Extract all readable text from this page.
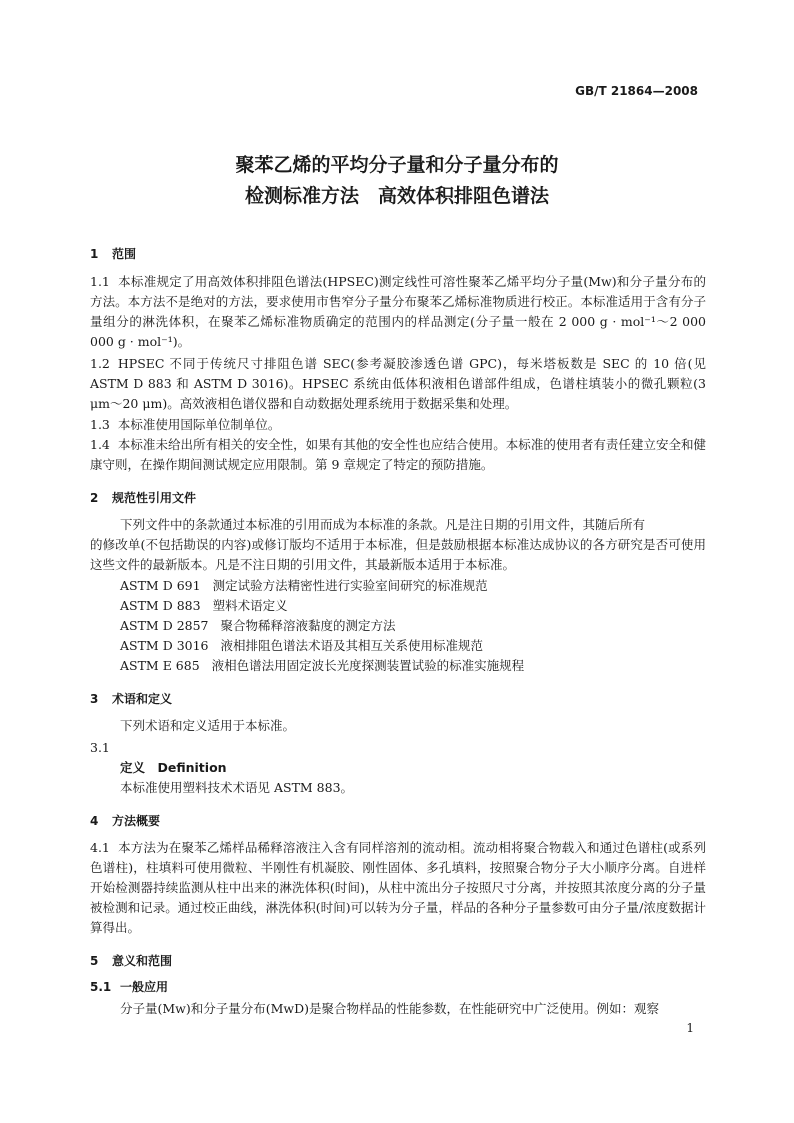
GB/T 21864—2008
聚苯乙烯的平均分子量和分子量分布的
检测标准方法　高效体积排阻色谱法
1 范围
1.1 本标准规定了用高效体积排阻色谱法(HPSEC)测定线性可溶性聚苯乙烯平均分子量(Mw)和分子量分布的方法。本方法不是绝对的方法，要求使用市售窄分子量分布聚苯乙烯标准物质进行校正。本标准适用于含有分子量组分的淋洗体积，在聚苯乙烯标准物质确定的范围内的样品测定(分子量一般在 2 000 g · mol⁻¹～2 000 000 g · mol⁻¹)。
1.2 HPSEC 不同于传统尺寸排阻色谱 SEC(参考凝胶渗透色谱 GPC)，每米塔板数是 SEC 的 10 倍(见 ASTM D 883 和 ASTM D 3016)。HPSEC 系统由低体积液相色谱部件组成，色谱柱填装小的微孔颗粒(3 μm～20 μm)。高效液相色谱仪器和自动数据处理系统用于数据采集和处理。
1.3 本标准使用国际单位制单位。
1.4 本标准未给出所有相关的安全性，如果有其他的安全性也应结合使用。本标准的使用者有责任建立安全和健康守则，在操作期间测试规定应用限制。第 9 章规定了特定的预防措施。
2 规范性引用文件
下列文件中的条款通过本标准的引用而成为本标准的条款。凡是注日期的引用文件，其随后所有
的修改单(不包括勘误的内容)或修订版均不适用于本标准，但是鼓励根据本标准达成协议的各方研究是否可使用这些文件的最新版本。凡是不注日期的引用文件，其最新版本适用于本标准。
ASTM D 691 测定试验方法精密性进行实验室间研究的标准规范
ASTM D 883 塑料术语定义
ASTM D 2857 聚合物稀释溶液黏度的测定方法
ASTM D 3016 液相排阻色谱法术语及其相互关系使用标准规范
ASTM E 685 液相色谱法用固定波长光度探测装置试验的标准实施规程
3 术语和定义
下列术语和定义适用于本标准。
3.1
定义　Definition
本标准使用塑料技术术语见 ASTM 883。
4 方法概要
4.1 本方法为在聚苯乙烯样品稀释溶液注入含有同样溶剂的流动相。流动相将聚合物载入和通过色谱柱(或系列色谱柱)，柱填料可使用微粒、半刚性有机凝胶、刚性固体、多孔填料，按照聚合物分子大小顺序分离。自进样开始检测器持续监测从柱中出来的淋洗体积(时间)，从柱中流出分子按照尺寸分离，并按照其浓度分离的分子量被检测和记录。通过校正曲线，淋洗体积(时间)可以转为分子量，样品的各种分子量参数可由分子量/浓度数据计算得出。
5 意义和范围
5.1 一般应用
分子量(Mw)和分子量分布(MwD)是聚合物样品的性能参数，在性能研究中广泛使用。例如：观察
1
